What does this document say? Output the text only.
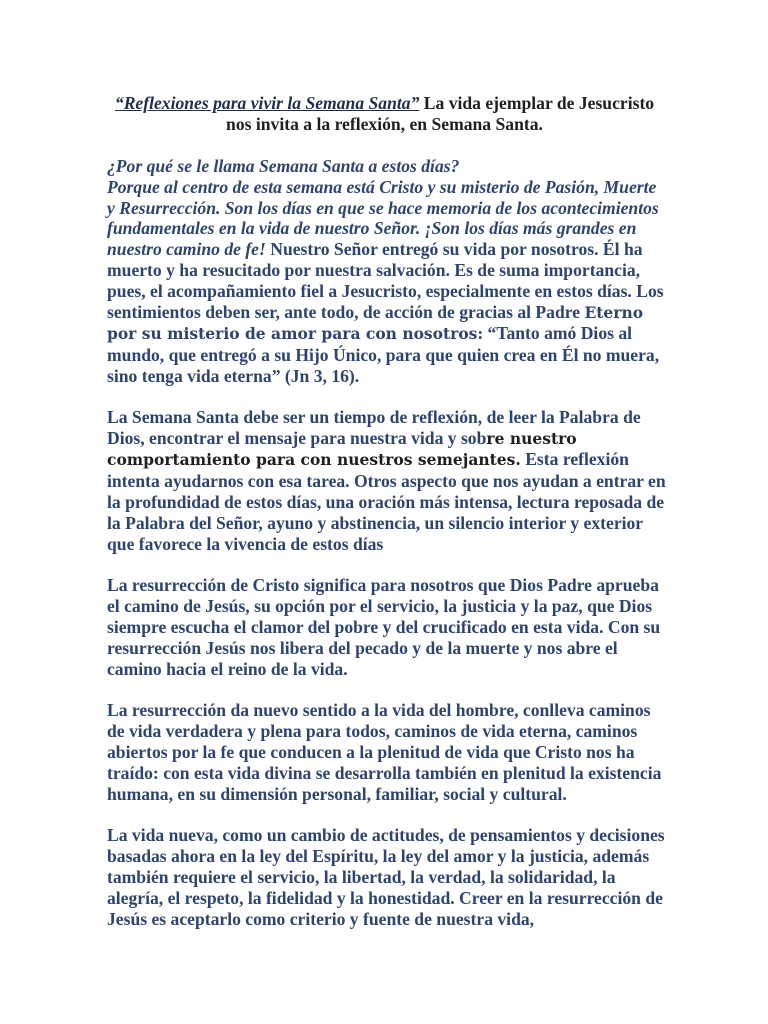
“Reflexiones para vivir la Semana Santa” La vida ejemplar de Jesucristo nos invita a la reflexión, en Semana Santa.

¿Por qué se le llama Semana Santa a estos días?
Porque al centro de esta semana está Cristo y su misterio de Pasión, Muerte y Resurrección. Son los días en que se hace memoria de los acontecimientos fundamentales en la vida de nuestro Señor. ¡Son los días más grandes en nuestro camino de fe! Nuestro Señor entregó su vida por nosotros. Él ha muerto y ha resucitado por nuestra salvación. Es de suma importancia, pues, el acompañamiento fiel a Jesucristo, especialmente en estos días. Los sentimientos deben ser, ante todo, de acción de gracias al Padre Eterno por su misterio de amor para con nosotros: “Tanto amó Dios al mundo, que entregó a su Hijo Único, para que quien crea en Él no muera, sino tenga vida eterna” (Jn 3, 16).

La Semana Santa debe ser un tiempo de reflexión, de leer la Palabra de Dios, encontrar el mensaje para nuestra vida y sobre nuestro comportamiento para con nuestros semejantes. Esta reflexión intenta ayudarnos con esa tarea. Otros aspecto que nos ayudan a entrar en la profundidad de estos días, una oración más intensa, lectura reposada de la Palabra del Señor, ayuno y abstinencia, un silencio interior y exterior que favorece la vivencia de estos días

La resurrección de Cristo significa para nosotros que Dios Padre aprueba el camino de Jesús, su opción por el servicio, la justicia y la paz, que Dios siempre escucha el clamor del pobre y del crucificado en esta vida. Con su resurrección Jesús nos libera del pecado y de la muerte y nos abre el camino hacia el reino de la vida.

La resurrección da nuevo sentido a la vida del hombre, conlleva caminos de vida verdadera y plena para todos, caminos de vida eterna, caminos abiertos por la fe que conducen a la plenitud de vida que Cristo nos ha traído: con esta vida divina se desarrolla también en plenitud la existencia humana, en su dimensión personal, familiar, social y cultural.

La vida nueva, como un cambio de actitudes, de pensamientos y decisiones basadas ahora en la ley del Espíritu, la ley del amor y la justicia, además también requiere el servicio, la libertad, la verdad, la solidaridad, la alegría, el respeto, la fidelidad y la honestidad. Creer en la resurrección de Jesús es aceptarlo como criterio y fuente de nuestra vida,
